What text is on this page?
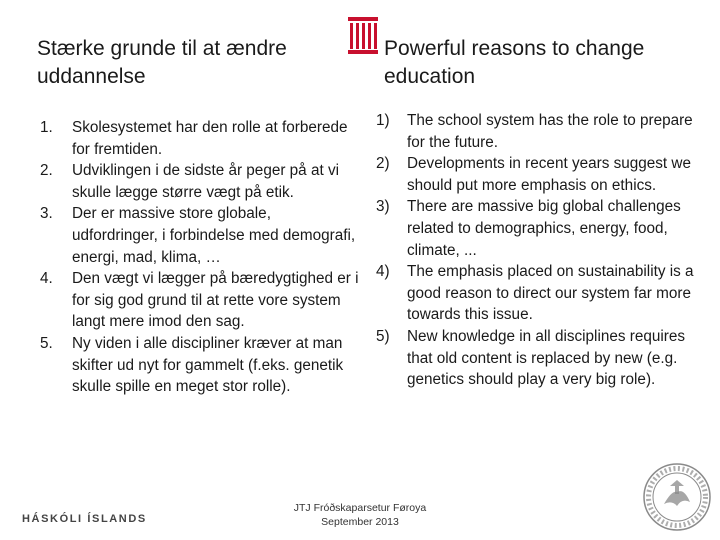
Stærke grunde til at ændre uddannelse
Powerful reasons to change education
1. Skolesystemet har den rolle at forberede for fremtiden.
2. Udviklingen i de sidste år peger på at vi skulle lægge større vægt på etik.
3. Der er massive store globale, udfordringer, i forbindelse med demografi, energi, mad, klima, …
4. Den vægt vi lægger på bæredygtighed er i for sig god grund til at rette vore system langt mere imod den sag.
5. Ny viden i alle discipliner kræver at man skifter ud nyt for gammelt (f.eks. genetik skulle spille en meget stor rolle).
1) The school system has the role to prepare for the future.
2) Developments in recent years suggest we should put more emphasis on ethics.
3) There are massive big global challenges related to demographics, energy, food, climate, ...
4) The emphasis placed on sustainability is a good reason to direct our system far more towards this issue.
5) New knowledge in all disciplines requires that old content is replaced by new (e.g. genetics should play a very big role).
HÁSKÓLI ÍSLANDS
JTJ Fróðskaparsetur Føroya
September 2013
